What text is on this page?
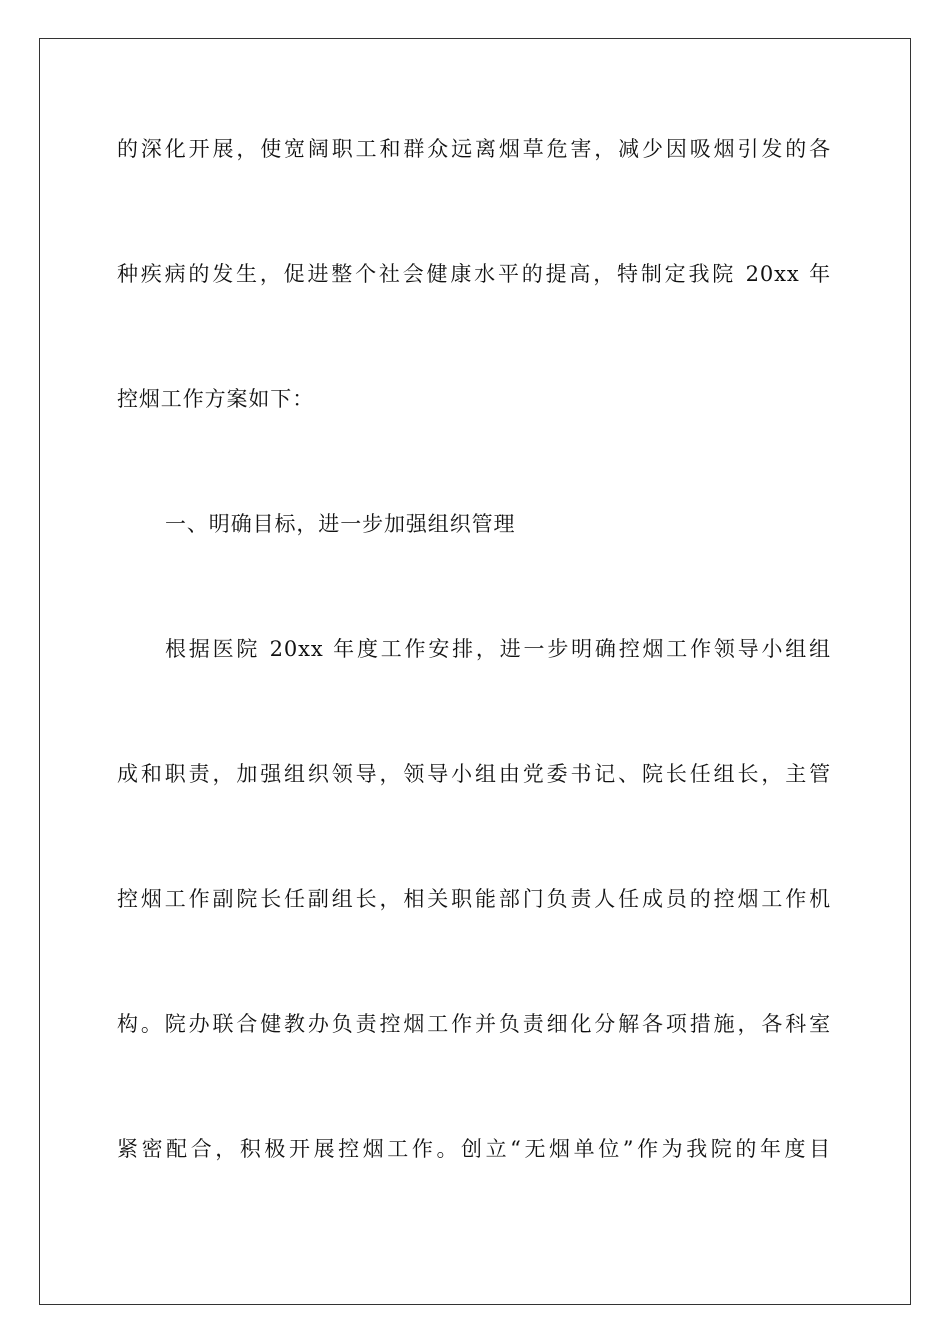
的深化开展，使宽阔职工和群众远离烟草危害，减少因吸烟引发的各

种疾病的发生，促进整个社会健康水平的提高，特制定我院 20xx 年

控烟工作方案如下：

一、明确目标，进一步加强组织管理

根据医院 20xx 年度工作安排，进一步明确控烟工作领导小组组

成和职责，加强组织领导，领导小组由党委书记、院长任组长，主管

控烟工作副院长任副组长，相关职能部门负责人任成员的控烟工作机

构。院办联合健教办负责控烟工作并负责细化分解各项措施，各科室

紧密配合，积极开展控烟工作。创立“无烟单位”作为我院的年度目
